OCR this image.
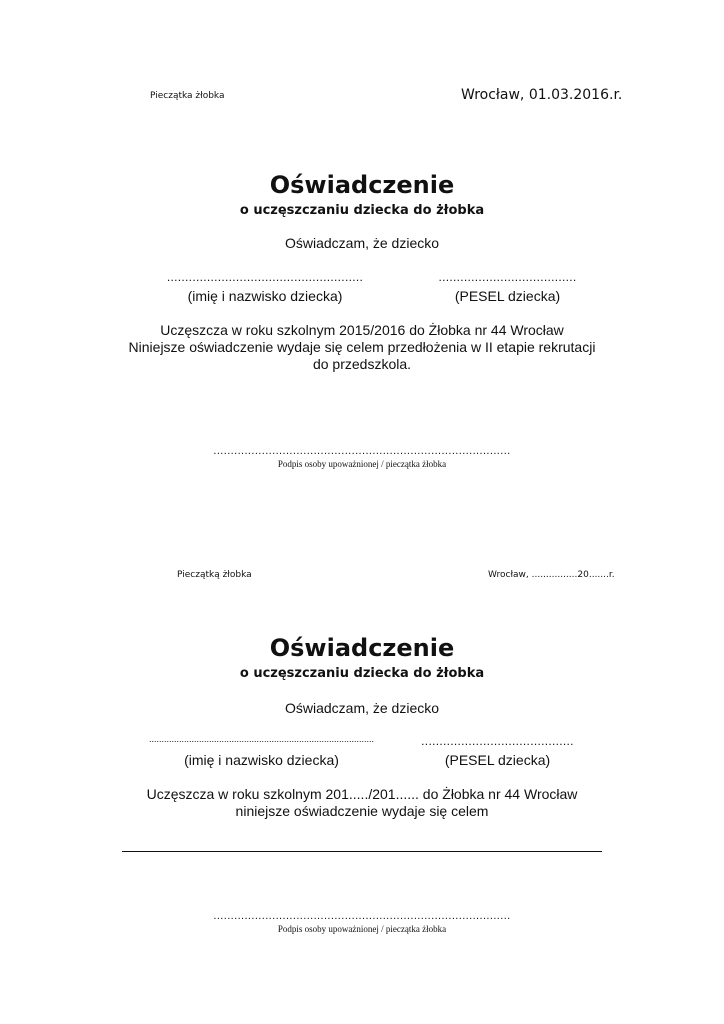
Pieczątka żłobka	Wrocław, 01.03.2016.r.
Oświadczenie
o uczęszczaniu dziecka do żłobka
Oświadczam, że dziecko
......................................................	......................................
(imię i nazwisko dziecka)	(PESEL dziecka)
Uczęszcza w roku szkolnym 2015/2016 do Żłobka nr 44 Wrocław
Niniejsze oświadczenie wydaje się celem przedłożenia w II etapie rekrutacji
do przedszkola.
......................................................................................
Podpis osoby upoważnionej / pieczątka żłobka
Pieczątką żłobka	Wrocław, ................20.......r.
Oświadczenie
o uczęszczaniu dziecka do żłobka
Oświadczam, że dziecko
..........................................................................................	..........................................
(imię i nazwisko dziecka)	(PESEL dziecka)
Uczęszcza w roku szkolnym 201...../201...... do Żłobka nr 44 Wrocław
niniejsze oświadczenie wydaje się celem
......................................................................................
Podpis osoby upoważnionej / pieczątka żłobka
